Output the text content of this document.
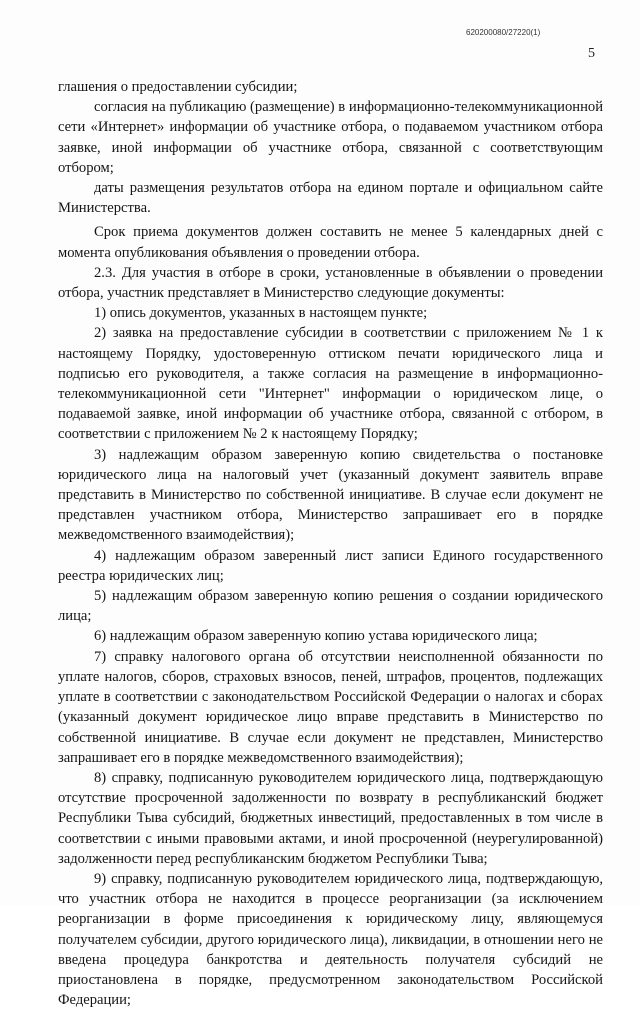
620200080/27220(1)
5

глашения о предоставлении субсидии;

согласия на публикацию (размещение) в информационно-телекоммуникационной сети «Интернет» информации об участнике отбора, о подаваемом участником отбора заявке, иной информации об участнике отбора, связанной с соответствующим отбором;

даты размещения результатов отбора на едином портале и официальном сайте Министерства.

Срок приема документов должен составить не менее 5 календарных дней с момента опубликования объявления о проведении отбора.

2.3. Для участия в отборе в сроки, установленные в объявлении о проведении отбора, участник представляет в Министерство следующие документы:

1) опись документов, указанных в настоящем пункте;

2) заявка на предоставление субсидии в соответствии с приложением № 1 к настоящему Порядку, удостоверенную оттиском печати юридического лица и подписью его руководителя, а также согласия на размещение в информационно-телекоммуникационной сети "Интернет" информации о юридическом лице, о подаваемой заявке, иной информации об участнике отбора, связанной с отбором, в соответствии с приложением № 2 к настоящему Порядку;

3) надлежащим образом заверенную копию свидетельства о постановке юридического лица на налоговый учет (указанный документ заявитель вправе представить в Министерство по собственной инициативе. В случае если документ не представлен участником отбора, Министерство запрашивает его в порядке межведомственного взаимодействия);

4) надлежащим образом заверенный лист записи Единого государственного реестра юридических лиц;

5) надлежащим образом заверенную копию решения о создании юридического лица;

6) надлежащим образом заверенную копию устава юридического лица;

7) справку налогового органа об отсутствии неисполненной обязанности по уплате налогов, сборов, страховых взносов, пеней, штрафов, процентов, подлежащих уплате в соответствии с законодательством Российской Федерации о налогах и сборах (указанный документ юридическое лицо вправе представить в Министерство по собственной инициативе. В случае если документ не представлен, Министерство запрашивает его в порядке межведомственного взаимодействия);

8) справку, подписанную руководителем юридического лица, подтверждающую отсутствие просроченной задолженности по возврату в республиканский бюджет Республики Тыва субсидий, бюджетных инвестиций, предоставленных в том числе в соответствии с иными правовыми актами, и иной просроченной (неурегулированной) задолженности перед республиканским бюджетом Республики Тыва;

9) справку, подписанную руководителем юридического лица, подтверждающую, что участник отбора не находится в процессе реорганизации (за исключением реорганизации в форме присоединения к юридическому лицу, являющемуся получателем субсидии, другого юридического лица), ликвидации, в отношении него не введена процедура банкротства и деятельность получателя субсидий не приостановлена в порядке, предусмотренном законодательством Российской Федерации;
